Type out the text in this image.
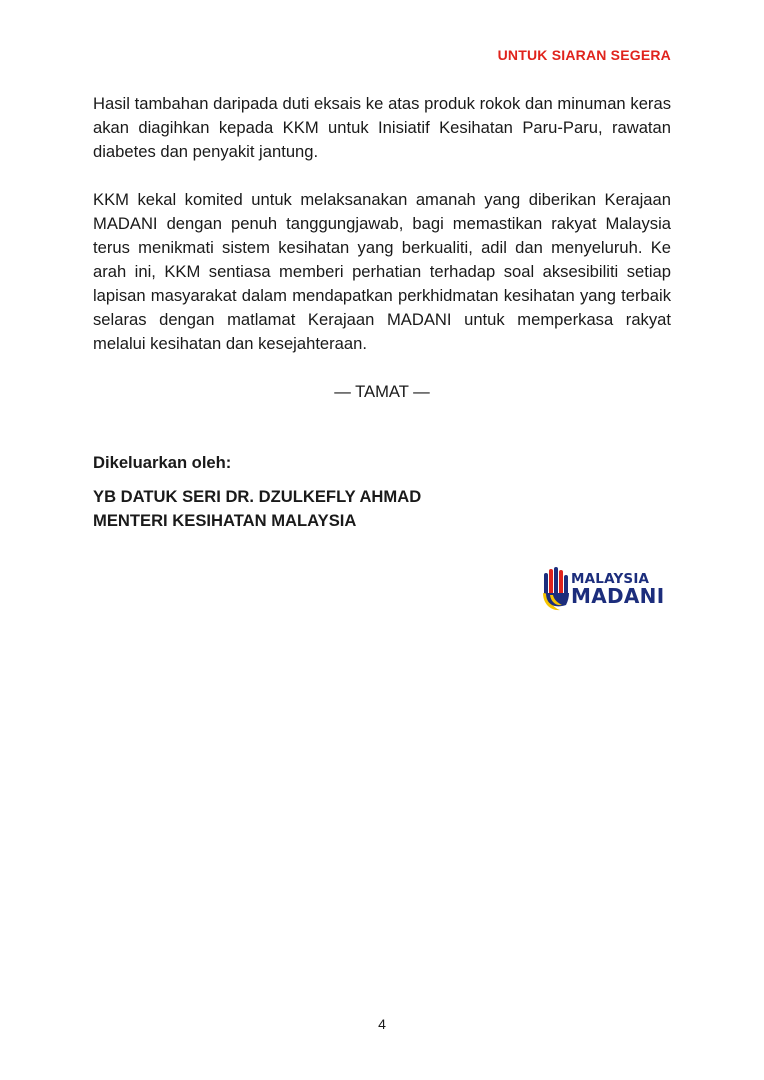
UNTUK SIARAN SEGERA

Hasil tambahan daripada duti eksais ke atas produk rokok dan minuman keras akan diagihkan kepada KKM untuk Inisiatif Kesihatan Paru-Paru, rawatan diabetes dan penyakit jantung.

KKM kekal komited untuk melaksanakan amanah yang diberikan Kerajaan MADANI dengan penuh tanggungjawab, bagi memastikan rakyat Malaysia terus menikmati sistem kesihatan yang berkualiti, adil dan menyeluruh. Ke arah ini, KKM sentiasa memberi perhatian terhadap soal aksesibiliti setiap lapisan masyarakat dalam mendapatkan perkhidmatan kesihatan yang terbaik selaras dengan matlamat Kerajaan MADANI untuk memperkasa rakyat melalui kesihatan dan kesejahteraan.

— TAMAT —
Dikeluarkan oleh:
YB DATUK SERI DR. DZULKEFLY AHMAD
MENTERI KESIHATAN MALAYSIA
MALAYSIA
MADANI
4
